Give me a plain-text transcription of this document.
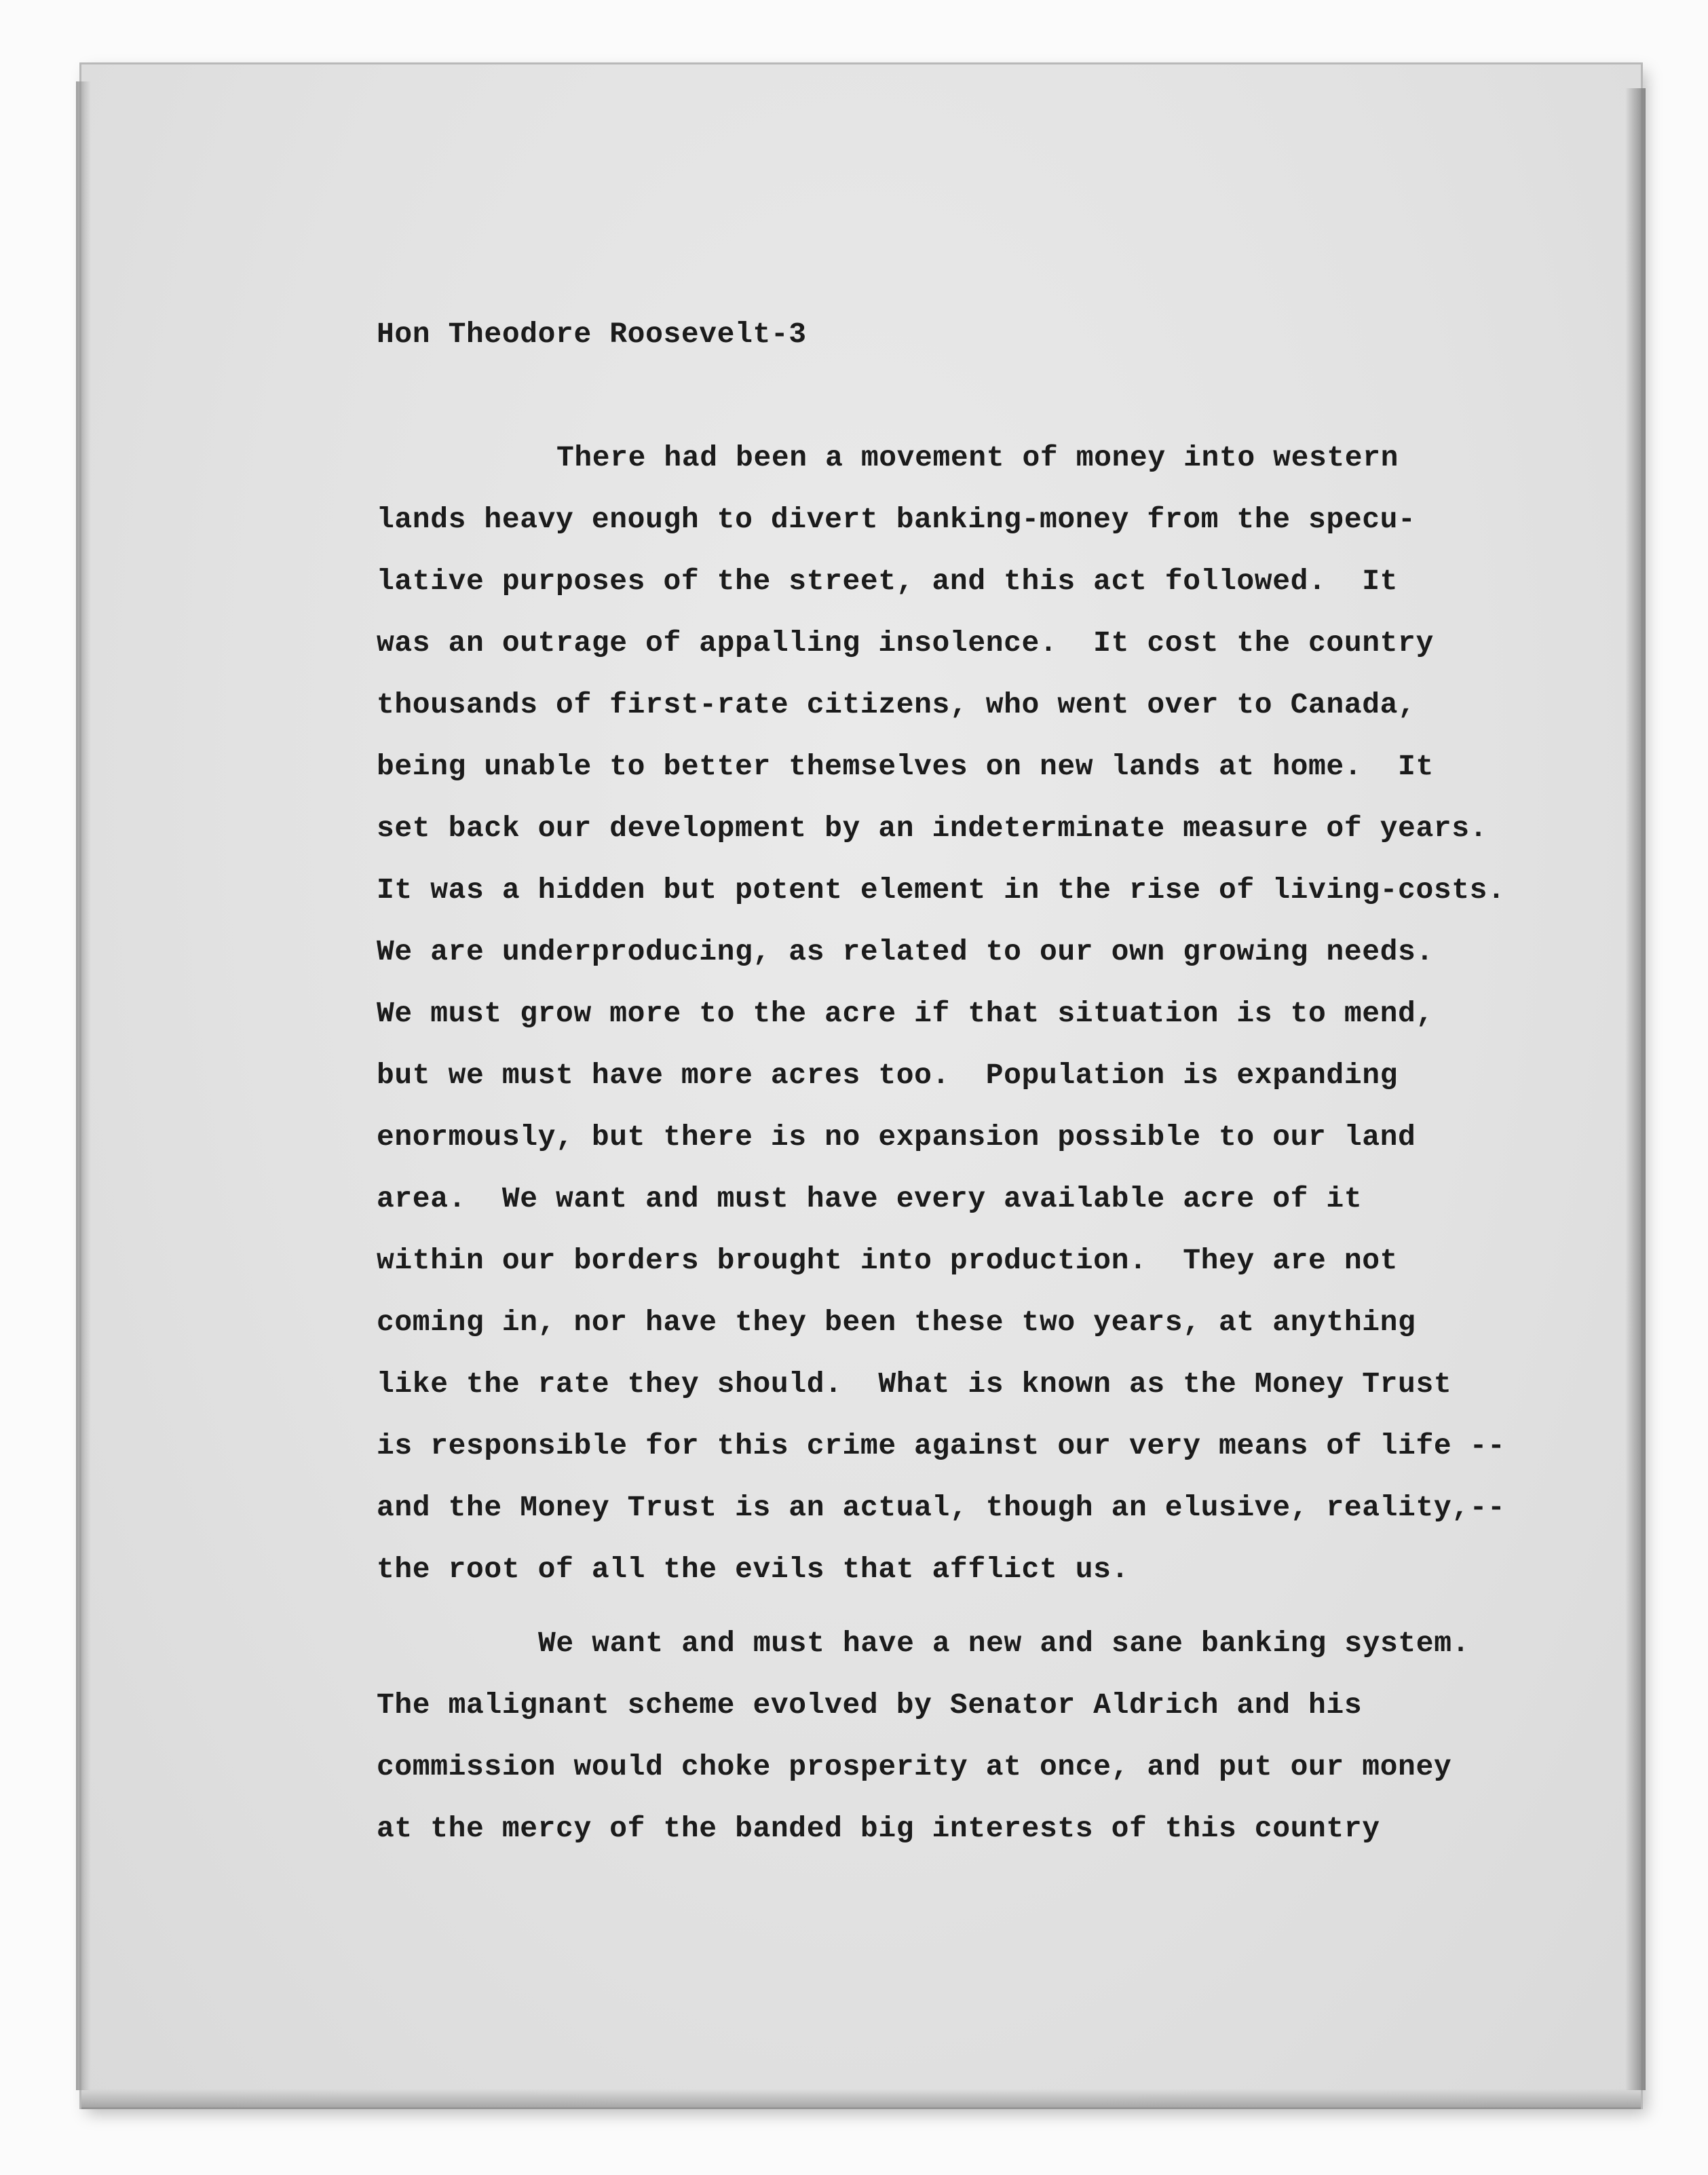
Hon Theodore Roosevelt-3
There had been a movement of money into western
lands heavy enough to divert banking-money from the specu-
lative purposes of the street, and this act followed.  It
was an outrage of appalling insolence.  It cost the country
thousands of first-rate citizens, who went over to Canada,
being unable to better themselves on new lands at home.  It
set back our development by an indeterminate measure of years.
It was a hidden but potent element in the rise of living-costs.
We are underproducing, as related to our own growing needs.
We must grow more to the acre if that situation is to mend,
but we must have more acres too.  Population is expanding
enormously, but there is no expansion possible to our land
area.  We want and must have every available acre of it
within our borders brought into production.  They are not
coming in, nor have they been these two years, at anything
like the rate they should.  What is known as the Money Trust
is responsible for this crime against our very means of life --
and the Money Trust is an actual, though an elusive, reality,--
the root of all the evils that afflict us.
We want and must have a new and sane banking system.
The malignant scheme evolved by Senator Aldrich and his
commission would choke prosperity at once, and put our money
at the mercy of the banded big interests of this country
